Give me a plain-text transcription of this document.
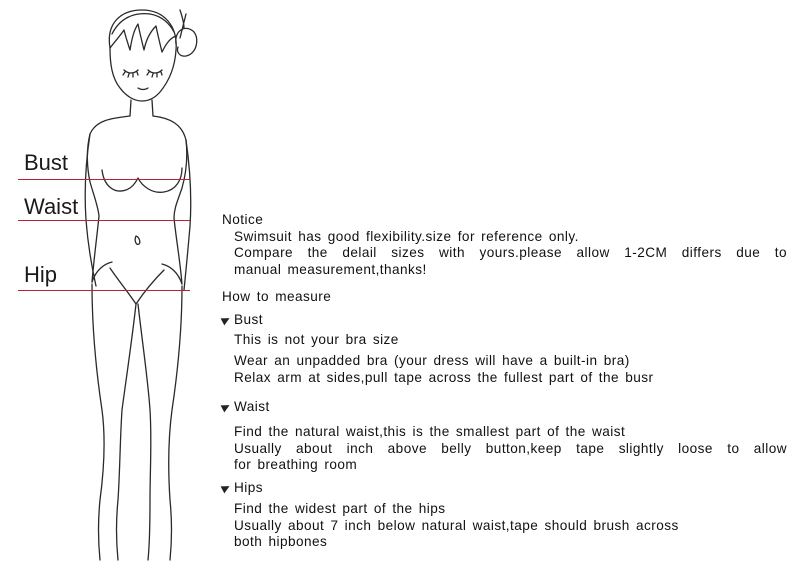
Bust
Waist
Hip

Notice

Swimsuit has good flexibility.size for reference only.

Compare the delail sizes with yours.please allow 1-2CM differs due to

manual measurement,thanks!

How to measure

Bust

This is not your bra size

Wear an unpadded bra (your dress will have a built-in bra)

Relax arm at sides,pull tape across the fullest part of the busr

Waist

Find the natural waist,this is the smallest part of the waist

Usually about inch above belly button,keep tape slightly loose to allow

for breathing room

Hips

Find the widest part of the hips

Usually about 7 inch below natural waist,tape should brush across

both hipbones
